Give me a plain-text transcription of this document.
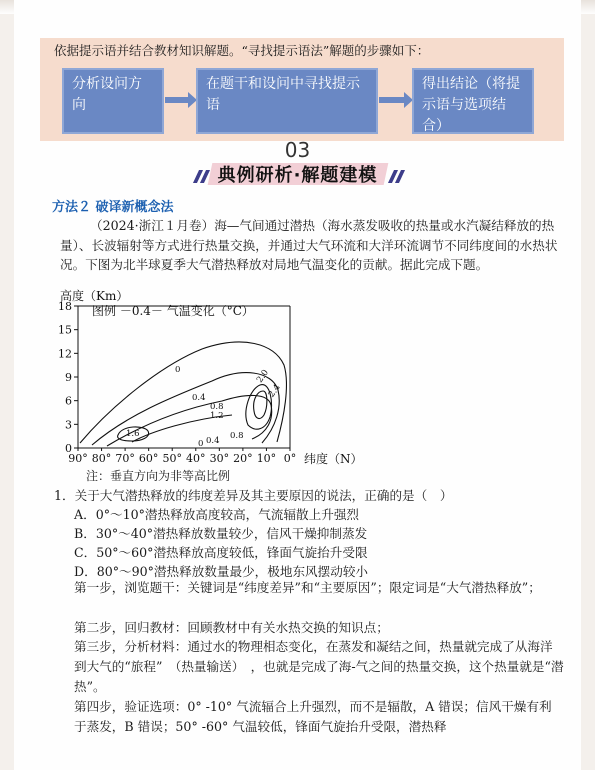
依据提示语并结合教材知识解题。“寻找提示语法”解题的步骤如下：
分析设问方向
在题干和设问中寻找提示语
得出结论（将提示语与选项结合）
03
典例研析·解题建模
方法２ 破译新概念法
（2024·浙江１月卷）海—气间通过潜热（海水蒸发吸收的热量或水汽凝结释放的热量）、长波辐射等方式进行热量交换，并通过大气环流和大洋环流调节不同纬度间的水热状况。下图为北半球夏季大气潜热释放对局地气温变化的贡献。据此完成下题。
高度（Km）
图例 －0.4－ 气温变化（°C）
0
3
6
9
12
15
18
90° 80° 70° 60° 50° 40° 30° 20° 10° 0°
0
0.4
0.8
1.2
1.6
2.0
2.4
0.8
0.4
0
纬度（N）
注：垂直方向为非等高比例
1．关于大气潜热释放的纬度差异及其主要原因的说法，正确的是（　）
A．0°～10°潜热释放高度较高，气流辐散上升强烈
B．30°～40°潜热释放数量较少，信风干燥抑制蒸发
C．50°～60°潜热释放高度较低，锋面气旋抬升受限
D．80°～90°潜热释放数量最少，极地东风摆动较小
第一步，浏览题干：关键词是“纬度差异”和“主要原因”；限定词是“大气潜热释放”；
第二步，回归教材：回顾教材中有关水热交换的知识点；
第三步，分析材料：通过水的物理相态变化，在蒸发和凝结之间，热量就完成了从海洋到大气的“旅程”　（热量输送）　，也就是完成了海-气之间的热量交换，这个热量就是“潜热”。
第四步，验证选项：0° -10° 气流辐合上升强烈，而不是辐散，A 错误；信风干燥有利于蒸发，B 错误；50° -60° 气温较低，锋面气旋抬升受限，潜热释
